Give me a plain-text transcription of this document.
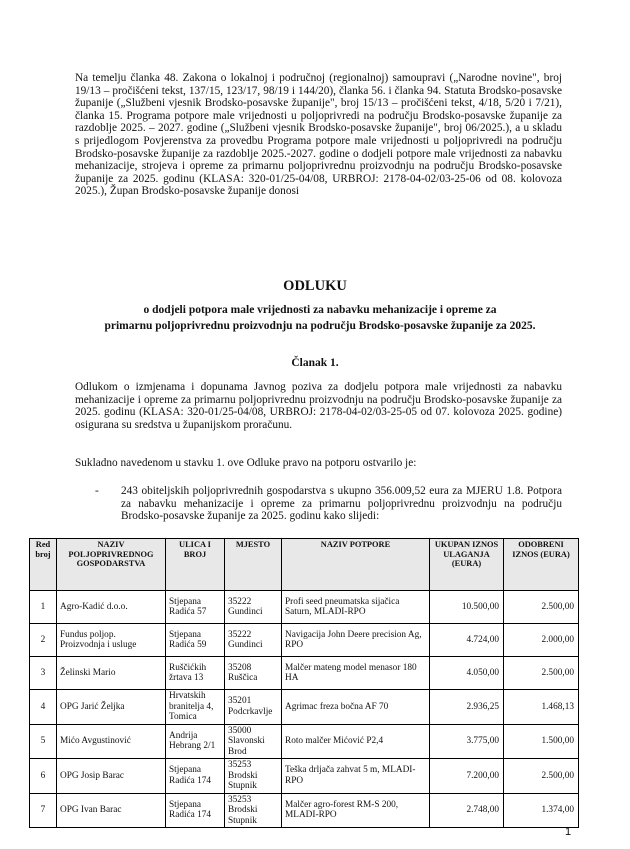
Na temelju članka 48. Zakona o lokalnoj i područnoj (regionalnoj) samoupravi („Narodne novine", broj 19/13 – pročišćeni tekst, 137/15, 123/17, 98/19 i 144/20), članka 56. i članka 94. Statuta Brodsko-posavske županije („Službeni vjesnik Brodsko-posavske županije", broj 15/13 – pročišćeni tekst, 4/18, 5/20 i 7/21), članka 15. Programa potpore male vrijednosti u poljoprivredi na području Brodsko-posavske županije za razdoblje 2025. – 2027. godine („Službeni vjesnik Brodsko-posavske županije", broj 06/2025.), a u skladu s prijedlogom Povjerenstva za provedbu Programa potpore male vrijednosti u poljoprivredi na području Brodsko-posavske županije za razdoblje 2025.-2027. godine o dodjeli potpore male vrijednosti za nabavku mehanizacije, strojeva i opreme za primarnu poljoprivrednu proizvodnju na području Brodsko-posavske županije za 2025. godinu (KLASA: 320-01/25-04/08, URBROJ: 2178-04-02/03-25-06 od 08. kolovoza 2025.), Župan Brodsko-posavske županije donosi
ODLUKU
o dodjeli potpora male vrijednosti za nabavku mehanizacije i opreme za
primarnu poljoprivrednu proizvodnju na području Brodsko-posavske županije za 2025.
Članak 1.
Odlukom o izmjenama i dopunama Javnog poziva za dodjelu potpora male vrijednosti za nabavku mehanizacije i opreme za primarnu poljoprivrednu proizvodnju na području Brodsko-posavske županije za 2025. godinu (KLASA: 320-01/25-04/08, URBROJ: 2178-04-02/03-25-05 od 07. kolovoza 2025. godine) osigurana su sredstva u županijskom proračunu.
Sukladno navedenom u stavku 1. ove Odluke pravo na potporu ostvarilo je:
- 243 obiteljskih poljoprivrednih gospodarstva s ukupno 356.009,52 eura za MJERU 1.8. Potpora za nabavku mehanizacije i opreme za primarnu poljoprivrednu proizvodnju na području Brodsko-posavske županije za 2025. godinu kako slijedi:
Red broj	NAZIV POLJOPRIVREDNOG GOSPODARSTVA	ULICA I BROJ	MJESTO	NAZIV POTPORE	UKUPAN IZNOS ULAGANJA (EURA)	ODOBRENI IZNOS (EURA)
1	Agro-Kadić d.o.o.	Stjepana Radića 57	35222 Gundinci	Profi seed pneumatska sijačica Saturn, MLADI-RPO	10.500,00	2.500,00
2	Fundus poljop. Proizvodnja i usluge	Stjepana Radića 59	35222 Gundinci	Navigacija John Deere precision Ag, RPO	4.724,00	2.000,00
3	Želinski Mario	Ruščićkih žrtava 13	35208 Ruščica	Malčer mateng model menasor 180 HA	4.050,00	2.500,00
4	OPG Jarić Željka	Hrvatskih branitelja 4, Tomica	35201 Podcrkavlje	Agrimac freza bočna AF 70	2.936,25	1.468,13
5	Mićo Avgustinović	Andrija Hebrang 2/1	35000 Slavonski Brod	Roto malčer Mićović P2,4	3.775,00	1.500,00
6	OPG Josip Barac	Stjepana Radića 174	35253 Brodski Stupnik	Teška drljača zahvat 5 m, MLADI-RPO	7.200,00	2.500,00
7	OPG Ivan Barac	Stjepana Radića 174	35253 Brodski Stupnik	Malčer agro-forest RM-S 200, MLADI-RPO	2.748,00	1.374,00
1
